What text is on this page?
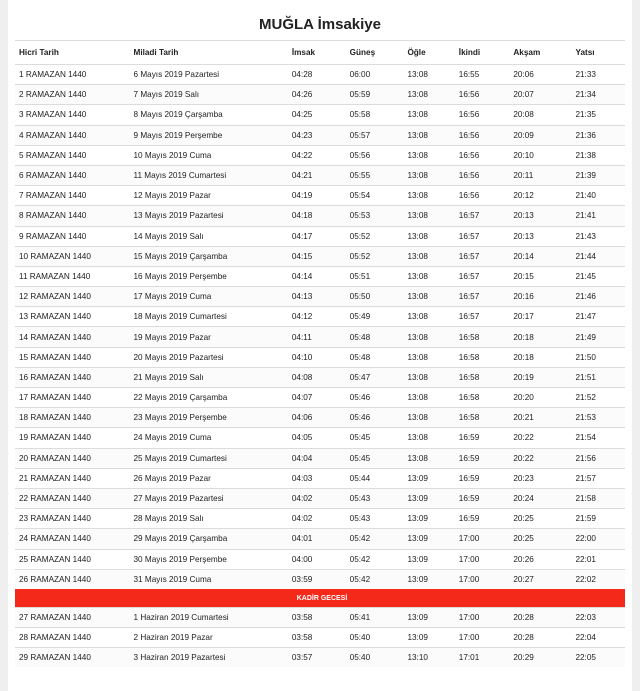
MUĞLA İmsakiye
Hicri Tarih	Miladi Tarih	İmsak	Güneş	Öğle	İkindi	Akşam	Yatsı
1 RAMAZAN 1440	6 Mayıs 2019 Pazartesi	04:28	06:00	13:08	16:55	20:06	21:33
2 RAMAZAN 1440	7 Mayıs 2019 Salı	04:26	05:59	13:08	16:56	20:07	21:34
3 RAMAZAN 1440	8 Mayıs 2019 Çarşamba	04:25	05:58	13:08	16:56	20:08	21:35
4 RAMAZAN 1440	9 Mayıs 2019 Perşembe	04:23	05:57	13:08	16:56	20:09	21:36
5 RAMAZAN 1440	10 Mayıs 2019 Cuma	04:22	05:56	13:08	16:56	20:10	21:38
6 RAMAZAN 1440	11 Mayıs 2019 Cumartesi	04:21	05:55	13:08	16:56	20:11	21:39
7 RAMAZAN 1440	12 Mayıs 2019 Pazar	04:19	05:54	13:08	16:56	20:12	21:40
8 RAMAZAN 1440	13 Mayıs 2019 Pazartesi	04:18	05:53	13:08	16:57	20:13	21:41
9 RAMAZAN 1440	14 Mayıs 2019 Salı	04:17	05:52	13:08	16:57	20:13	21:43
10 RAMAZAN 1440	15 Mayıs 2019 Çarşamba	04:15	05:52	13:08	16:57	20:14	21:44
11 RAMAZAN 1440	16 Mayıs 2019 Perşembe	04:14	05:51	13:08	16:57	20:15	21:45
12 RAMAZAN 1440	17 Mayıs 2019 Cuma	04:13	05:50	13:08	16:57	20:16	21:46
13 RAMAZAN 1440	18 Mayıs 2019 Cumartesi	04:12	05:49	13:08	16:57	20:17	21:47
14 RAMAZAN 1440	19 Mayıs 2019 Pazar	04:11	05:48	13:08	16:58	20:18	21:49
15 RAMAZAN 1440	20 Mayıs 2019 Pazartesi	04:10	05:48	13:08	16:58	20:18	21:50
16 RAMAZAN 1440	21 Mayıs 2019 Salı	04:08	05:47	13:08	16:58	20:19	21:51
17 RAMAZAN 1440	22 Mayıs 2019 Çarşamba	04:07	05:46	13:08	16:58	20:20	21:52
18 RAMAZAN 1440	23 Mayıs 2019 Perşembe	04:06	05:46	13:08	16:58	20:21	21:53
19 RAMAZAN 1440	24 Mayıs 2019 Cuma	04:05	05:45	13:08	16:59	20:22	21:54
20 RAMAZAN 1440	25 Mayıs 2019 Cumartesi	04:04	05:45	13:08	16:59	20:22	21:56
21 RAMAZAN 1440	26 Mayıs 2019 Pazar	04:03	05:44	13:09	16:59	20:23	21:57
22 RAMAZAN 1440	27 Mayıs 2019 Pazartesi	04:02	05:43	13:09	16:59	20:24	21:58
23 RAMAZAN 1440	28 Mayıs 2019 Salı	04:02	05:43	13:09	16:59	20:25	21:59
24 RAMAZAN 1440	29 Mayıs 2019 Çarşamba	04:01	05:42	13:09	17:00	20:25	22:00
25 RAMAZAN 1440	30 Mayıs 2019 Perşembe	04:00	05:42	13:09	17:00	20:26	22:01
26 RAMAZAN 1440	31 Mayıs 2019 Cuma	03:59	05:42	13:09	17:00	20:27	22:02
KADİR GECESİ							
27 RAMAZAN 1440	1 Haziran 2019 Cumartesi	03:58	05:41	13:09	17:00	20:28	22:03
28 RAMAZAN 1440	2 Haziran 2019 Pazar	03:58	05:40	13:09	17:00	20:28	22:04
29 RAMAZAN 1440	3 Haziran 2019 Pazartesi	03:57	05:40	13:10	17:01	20:29	22:05
